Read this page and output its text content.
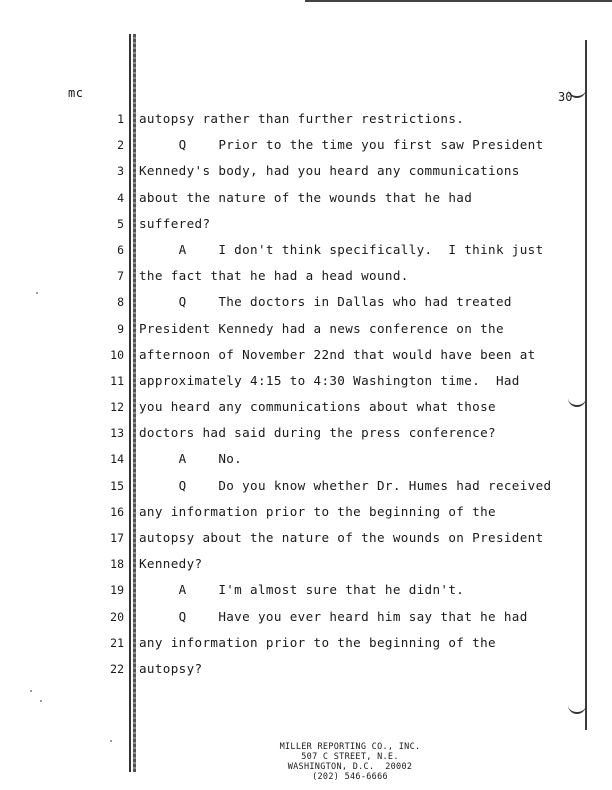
mc	30
1
2
3
4
5
6
7
8
9
10
11
12
13
14
15
16
17
18
19
20
21
22
autopsy rather than further restrictions.
Q    Prior to the time you first saw President
Kennedy's body, had you heard any communications
about the nature of the wounds that he had
suffered?
A    I don't think specifically.  I think just
the fact that he had a head wound.
Q    The doctors in Dallas who had treated
President Kennedy had a news conference on the
afternoon of November 22nd that would have been at
approximately 4:15 to 4:30 Washington time.  Had
you heard any communications about what those
doctors had said during the press conference?
A    No.
Q    Do you know whether Dr. Humes had received
any information prior to the beginning of the
autopsy about the nature of the wounds on President
Kennedy?
A    I'm almost sure that he didn't.
Q    Have you ever heard him say that he had
any information prior to the beginning of the
autopsy?
MILLER REPORTING CO., INC.
507 C STREET, N.E.
WASHINGTON, D.C.  20002
(202) 546-6666
